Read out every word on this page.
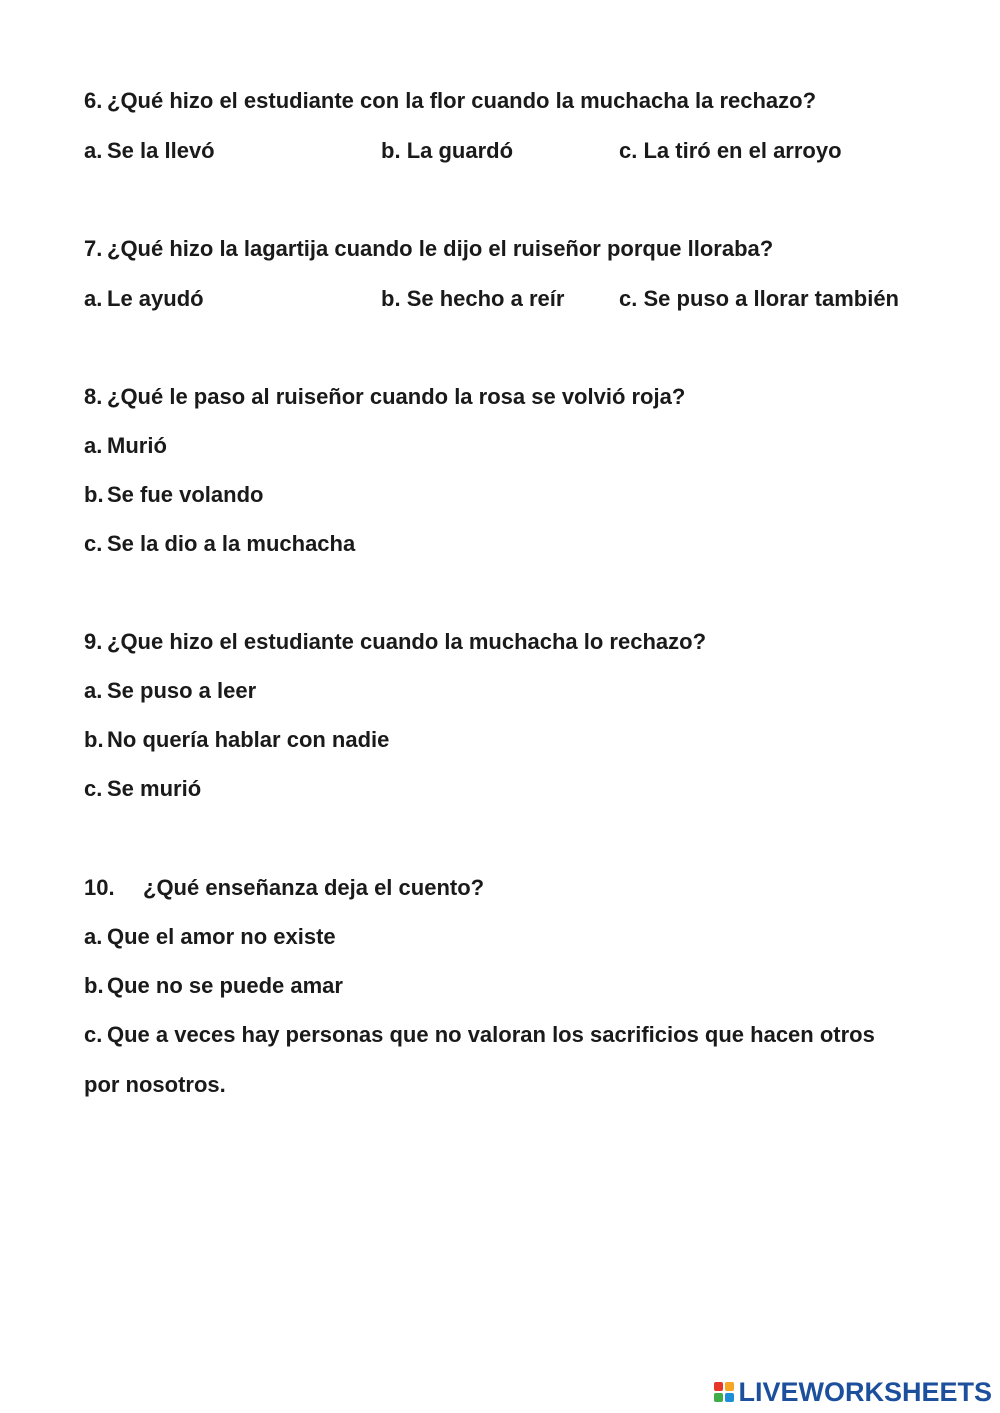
6. ¿Qué hizo el estudiante con la flor cuando la muchacha la rechazo?
a. Se la llevó	b. La guardó	c. La tiró en el arroyo
7. ¿Qué hizo la lagartija cuando le dijo el ruiseñor porque lloraba?
a. Le ayudó	b. Se hecho a reír c. Se puso a llorar también
8. ¿Qué le paso al ruiseñor cuando la rosa se volvió roja?
a. Murió
b. Se fue volando
c. Se la dio a la muchacha
9. ¿Que hizo el estudiante cuando la muchacha lo rechazo?
a. Se puso a leer
b. No quería hablar con nadie
c. Se murió
10. ¿Qué enseñanza deja el cuento?
a. Que el amor no existe
b. Que no se puede amar
c. Que a veces hay personas que no valoran los sacrificios que hacen otros
por nosotros.
LIVEWORKSHEETS
